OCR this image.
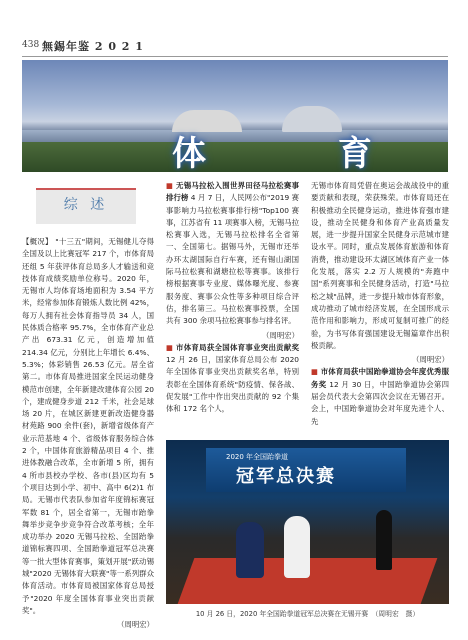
438 無錫年鉴 2 0 2 1
体 育
综 述

【概况】 "十三五"期间，无锡健儿夺得全国及以上比赛冠军 217 个，市体育局还组 5 年获评体育总局多人才输送和竞技体育成绩奖励单位称号。2020 年，无锡市人均体育场地面积为 3.54 平方米，经常参加体育锻炼人数比例 42%，每万人拥有社会体育指导员 34 人，国民体质合格率 95.7%，全市体育产业总产出 673.31 亿元，创造增加值 214.34 亿元，分别比上年增长 6.4%、5.3%；体彩销售 26.53 亿元。居全省第二。市体育局推进国家全民运动健身模范市创建，全年新建改建体育公园 20 个，建成健身步道 212 千米，社会足球场 20 片，在城区新建更新改造健身器材苑路 900 余件(套)，新增省级体育产业示范基地 4 个、省级体育服务综合体 2 个，中国体育旅游精品项目 4 个、推进体教融合改革，全市新增 5 所，拥有 4 所市县校办学校、各市(县)区均有 5 个项目达到小学、初中、高中 6(2)1 布局。无锡市代表队参加省年度锦标赛冠军数 81 个，居全省第一，无锡市跆拳舞举步竞争步竞争符合改革考核；全年成功举办 2020 无锡马拉松、全国跆拳道锦标赛四项、全国跆拳道冠军总决赛等一批大型体育赛事，策划开展"跃动锡城"2020 无锡体育大联赛"等一系列群众体育活动。市体育局被国家体育总局授予"2020 年度全国体育事业突出贡献奖"。

（周明宏）

■ 无锡马拉松入围世界田径马拉松赛事排行榜 4 月 7 日，人民网公布"2019 赛事影响力马拉松赛事排行榜"Top100 赛事，江苏省有 11 项赛事入榜，无锡马拉松赛事入选，无锡马拉松排名全省第一、全国第七。据锡马外，无锡市还举办环太湖国际自行车赛，还有锡山湖国际马拉松赛和湖塘拉松等赛事。该排行榜根据赛事专业度、媒体曝光度、参赛服务度、赛事公众性等多种项目综合评估，排名第三。马拉松赛事投票，全国共有 300 余项马拉松赛事参与排名评。

（周明宏）

■ 市体育局获全国体育事业突出贡献奖 12 月 26 日，国家体育总局公布 2020 年全国体育事业突出贡献奖名单，特别表彰在全国体育系统"防疫情、保各战、促发展"工作中作出突出贡献的 92 个集体和 172 名个人，

无锡市体育局凭借在奥运会战战役中的重要贡献和表现，荣获殊荣。市体育局还在积极推动全民健身运动，推进体育强市建设，推动全民健身和体育产业高质量发展，进一步提升国家全民健身示范城市建设水平。同时，重点发展体育旅游和体育消费，推动建设环太湖区域体育产业一体化发展，落实 2.2 万人规模的"奔跑中国"系列赛事和全民健身活动，打造"马拉松之城"品牌，进一步提升城市体育形象，成功推动了城市经济发展，在全国形成示范作用和影响力，形成可复制可推广的经验，为书写体育强国建设无锡篇章作出积极贡献。

（周明宏）

■ 市体育局获中国跆拳道协会年度优秀服务奖 12 月 30 日，中国跆拳道协会第四届会员代表大会第四次会议在无锡召开。会上，中国跆拳道协会对年度先进个人、先

2020 年全国跆拳道
冠军总决赛
10 月 26 日，2020 年全国跆拳道冠军总决赛在无锡开赛　（周明宏　摄）
